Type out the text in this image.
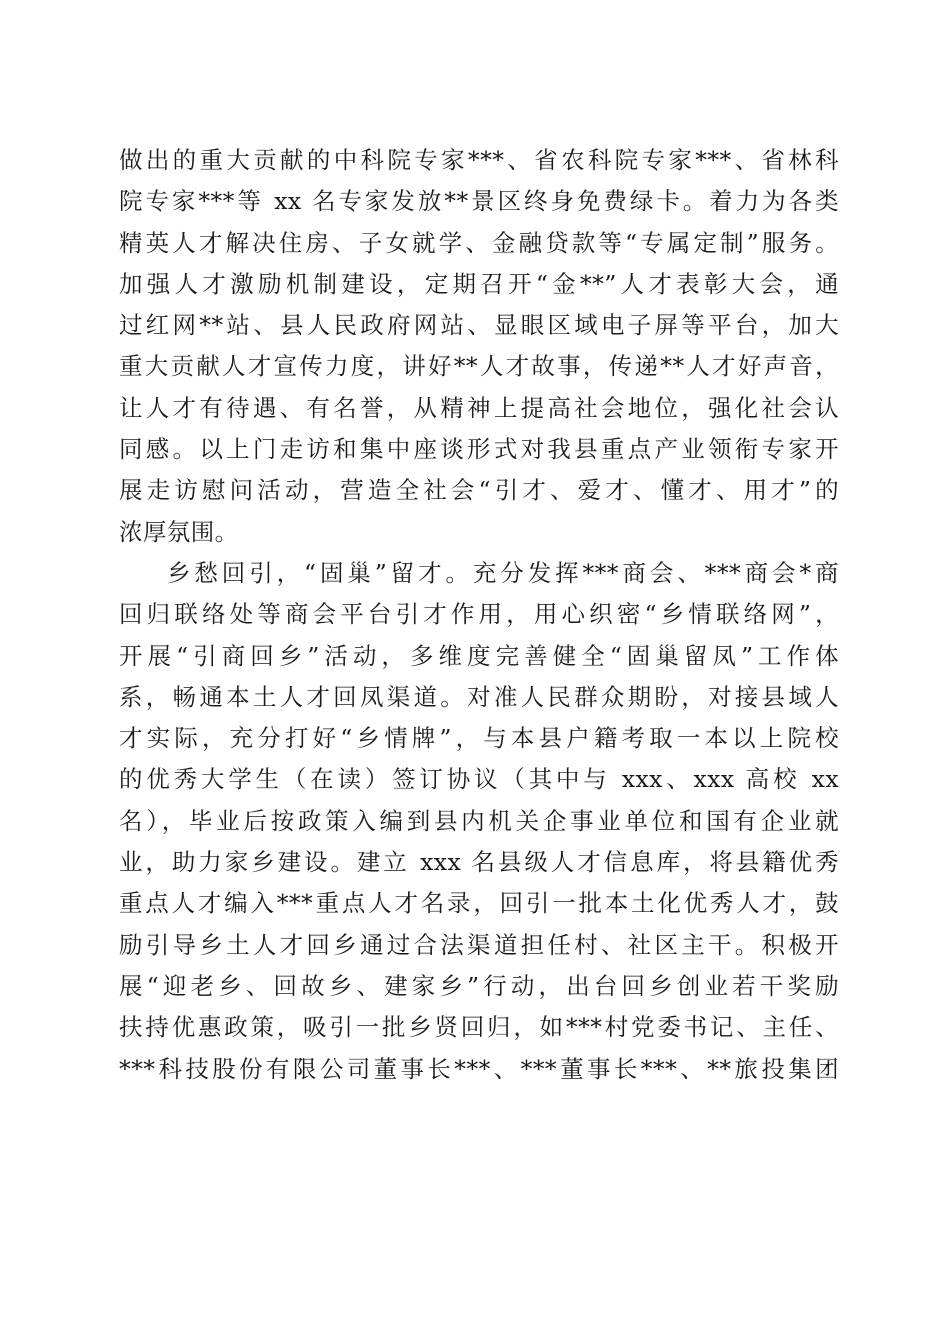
做出的重大贡献的中科院专家***、省农科院专家***、省林科
院专家***等 xx 名专家发放**景区终身免费绿卡。着力为各类
精英人才解决住房、子女就学、金融贷款等“专属定制”服务。
加强人才激励机制建设，定期召开“金**”人才表彰大会，通
过红网**站、县人民政府网站、显眼区域电子屏等平台，加大
重大贡献人才宣传力度，讲好**人才故事，传递**人才好声音，
让人才有待遇、有名誉，从精神上提高社会地位，强化社会认
同感。以上门走访和集中座谈形式对我县重点产业领衔专家开
展走访慰问活动，营造全社会“引才、爱才、懂才、用才”的
浓厚氛围。
乡愁回引，“固巢”留才。充分发挥***商会、***商会*商
回归联络处等商会平台引才作用，用心织密“乡情联络网”，
开展“引商回乡”活动，多维度完善健全“固巢留凤”工作体
系，畅通本土人才回凤渠道。对准人民群众期盼，对接县域人
才实际，充分打好“乡情牌”，与本县户籍考取一本以上院校
的优秀大学生（在读）签订协议（其中与 xxx、xxx 高校 xx
名），毕业后按政策入编到县内机关企事业单位和国有企业就
业，助力家乡建设。建立 xxx 名县级人才信息库，将县籍优秀
重点人才编入***重点人才名录，回引一批本土化优秀人才，鼓
励引导乡土人才回乡通过合法渠道担任村、社区主干。积极开
展“迎老乡、回故乡、建家乡”行动，出台回乡创业若干奖励
扶持优惠政策，吸引一批乡贤回归，如***村党委书记、主任、
***科技股份有限公司董事长***、***董事长***、**旅投集团
